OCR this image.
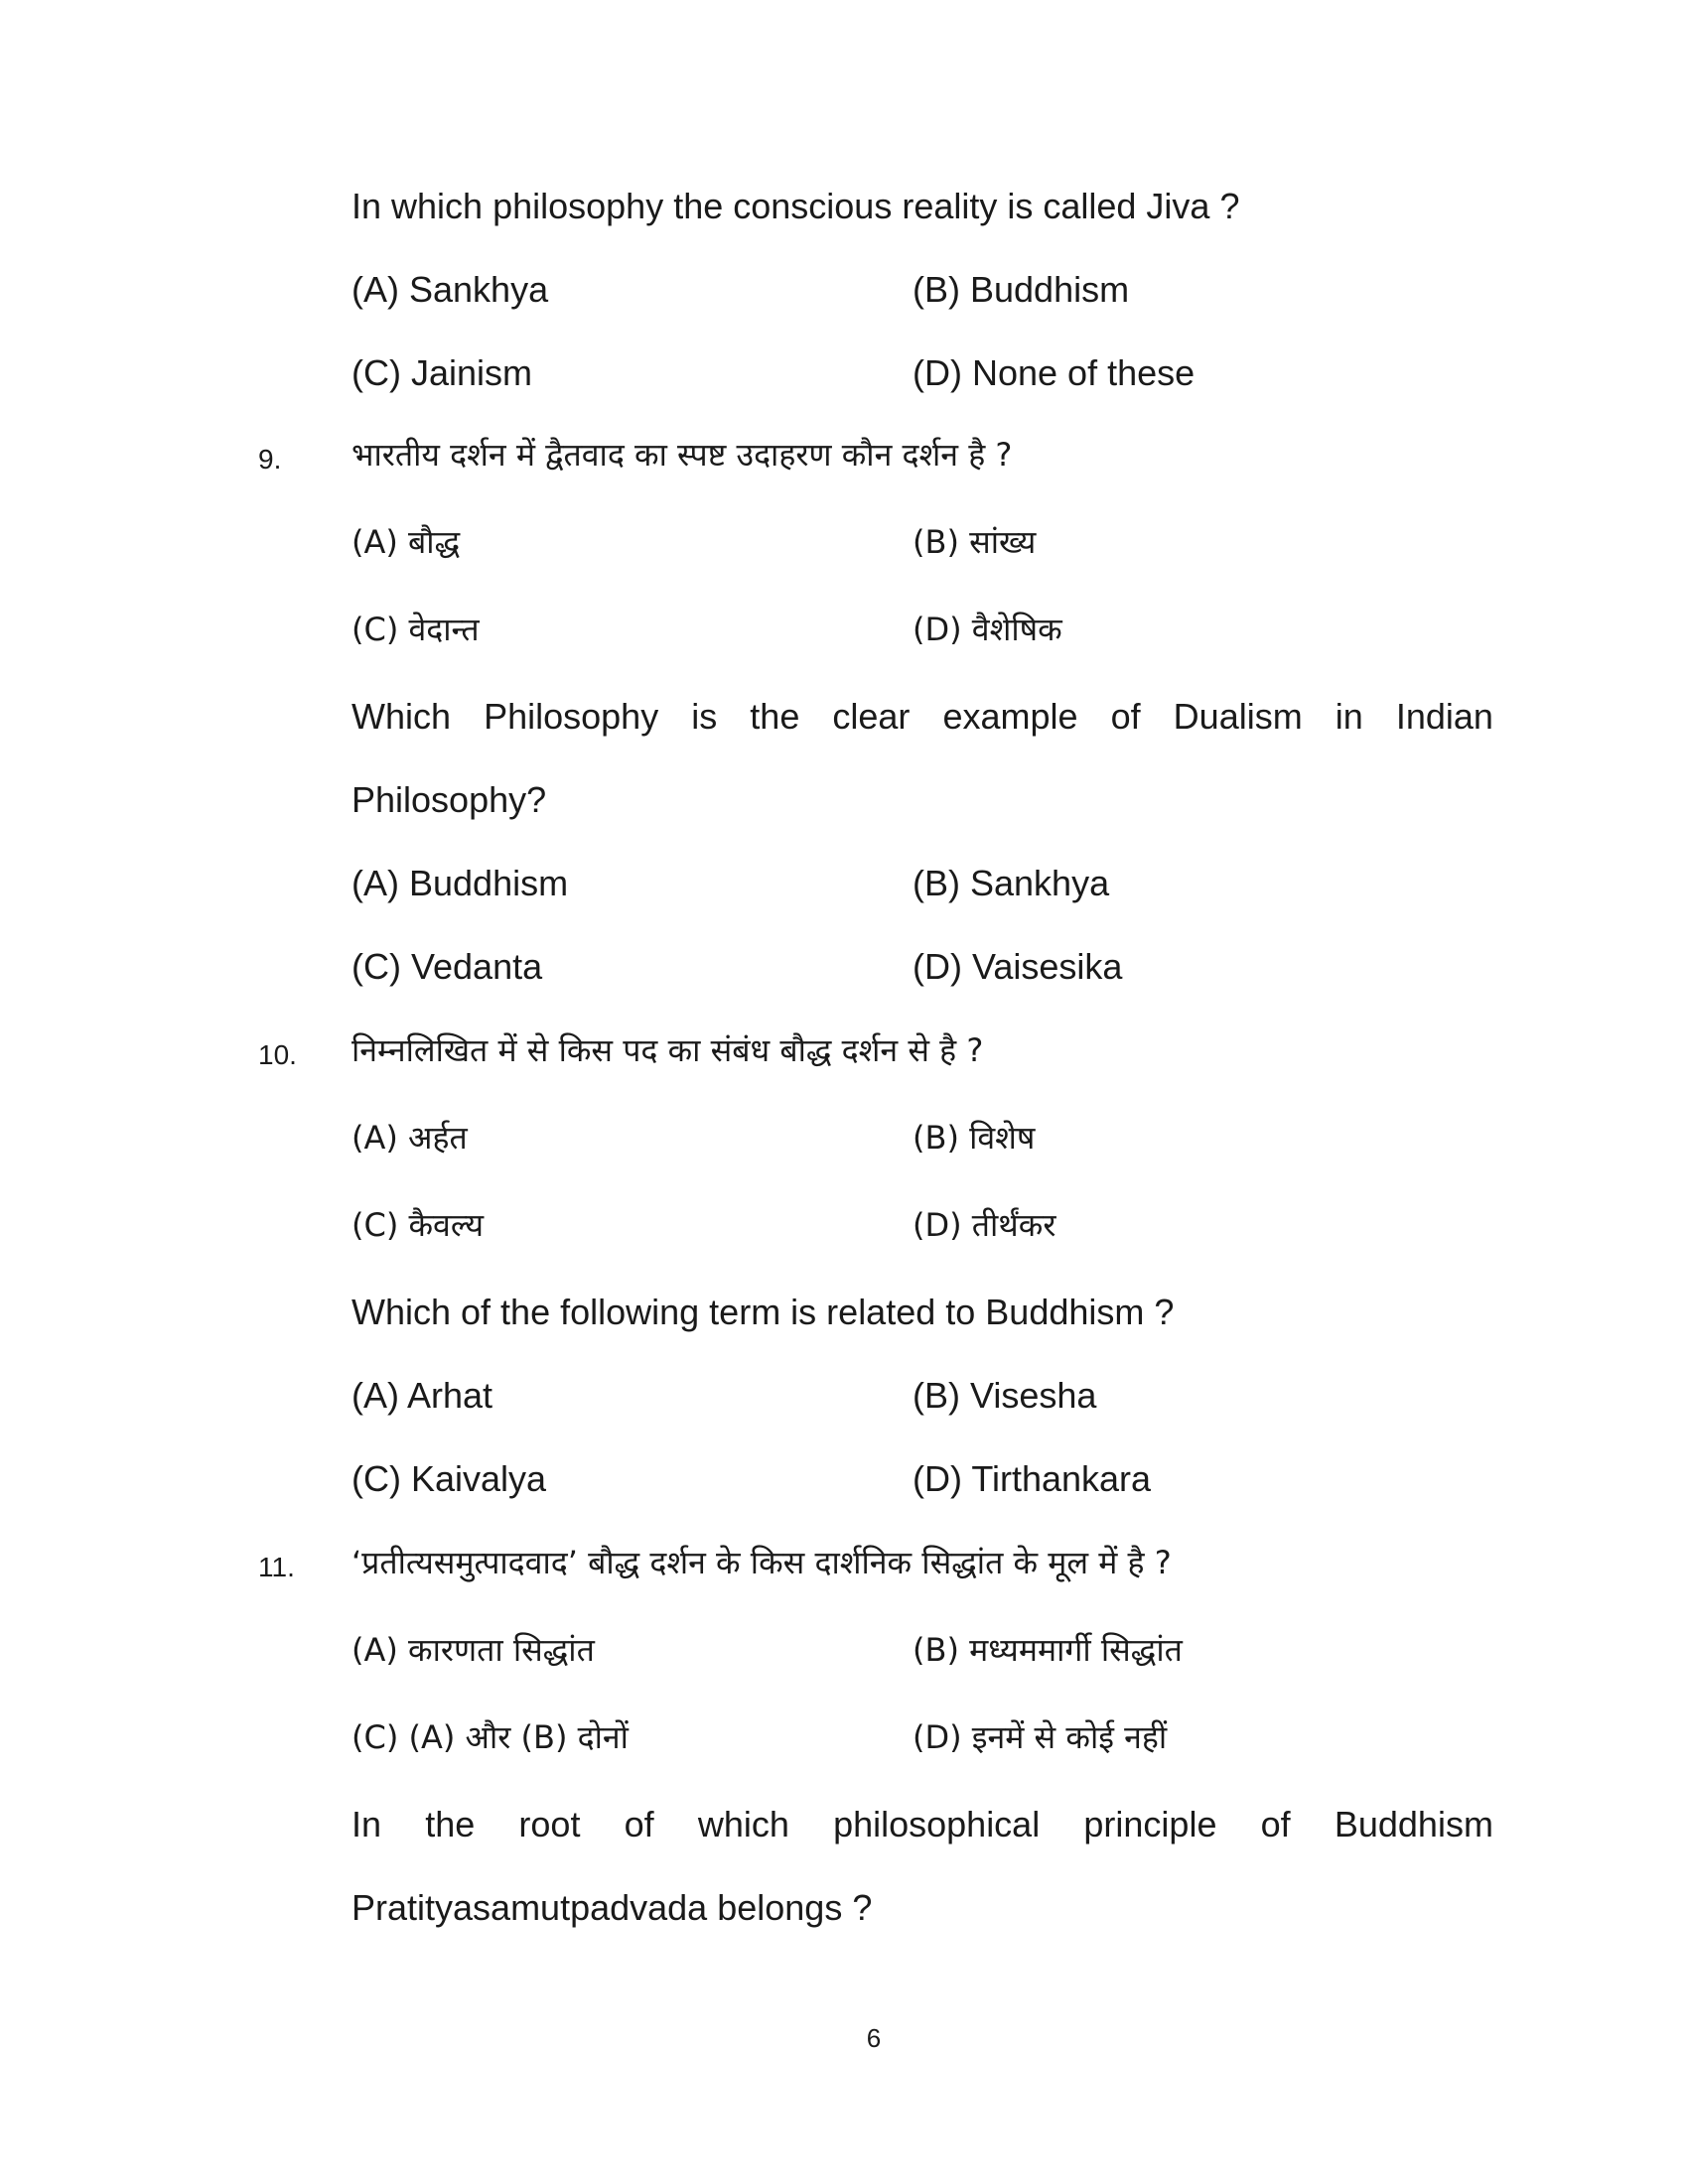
In which philosophy the conscious reality is called Jiva ?
(A) Sankhya	(B) Buddhism
(C) Jainism	(D) None of these
9. भारतीय दर्शन में द्वैतवाद का स्पष्ट उदाहरण कौन दर्शन है ?
(A) बौद्ध	(B) सांख्य
(C) वेदान्त	(D) वैशेषिक
Which Philosophy is the clear example of Dualism in Indian
Philosophy?
(A) Buddhism	(B) Sankhya
(C) Vedanta	(D) Vaisesika
10. निम्नलिखित में से किस पद का संबंध बौद्ध दर्शन से है ?
(A) अर्हत	(B) विशेष
(C) कैवल्य	(D) तीर्थंकर
Which of the following term is related to Buddhism ?
(A) Arhat	(B) Visesha
(C) Kaivalya	(D) Tirthankara
11. ‘प्रतीत्यसमुत्पादवाद’ बौद्ध दर्शन के किस दार्शनिक सिद्धांत के मूल में है ?
(A) कारणता सिद्धांत	(B) मध्यममार्गी सिद्धांत
(C) (A) और (B) दोनों	(D) इनमें से कोई नहीं
In the root of which philosophical principle of Buddhism
Pratityasamutpadvada belongs ?
6
